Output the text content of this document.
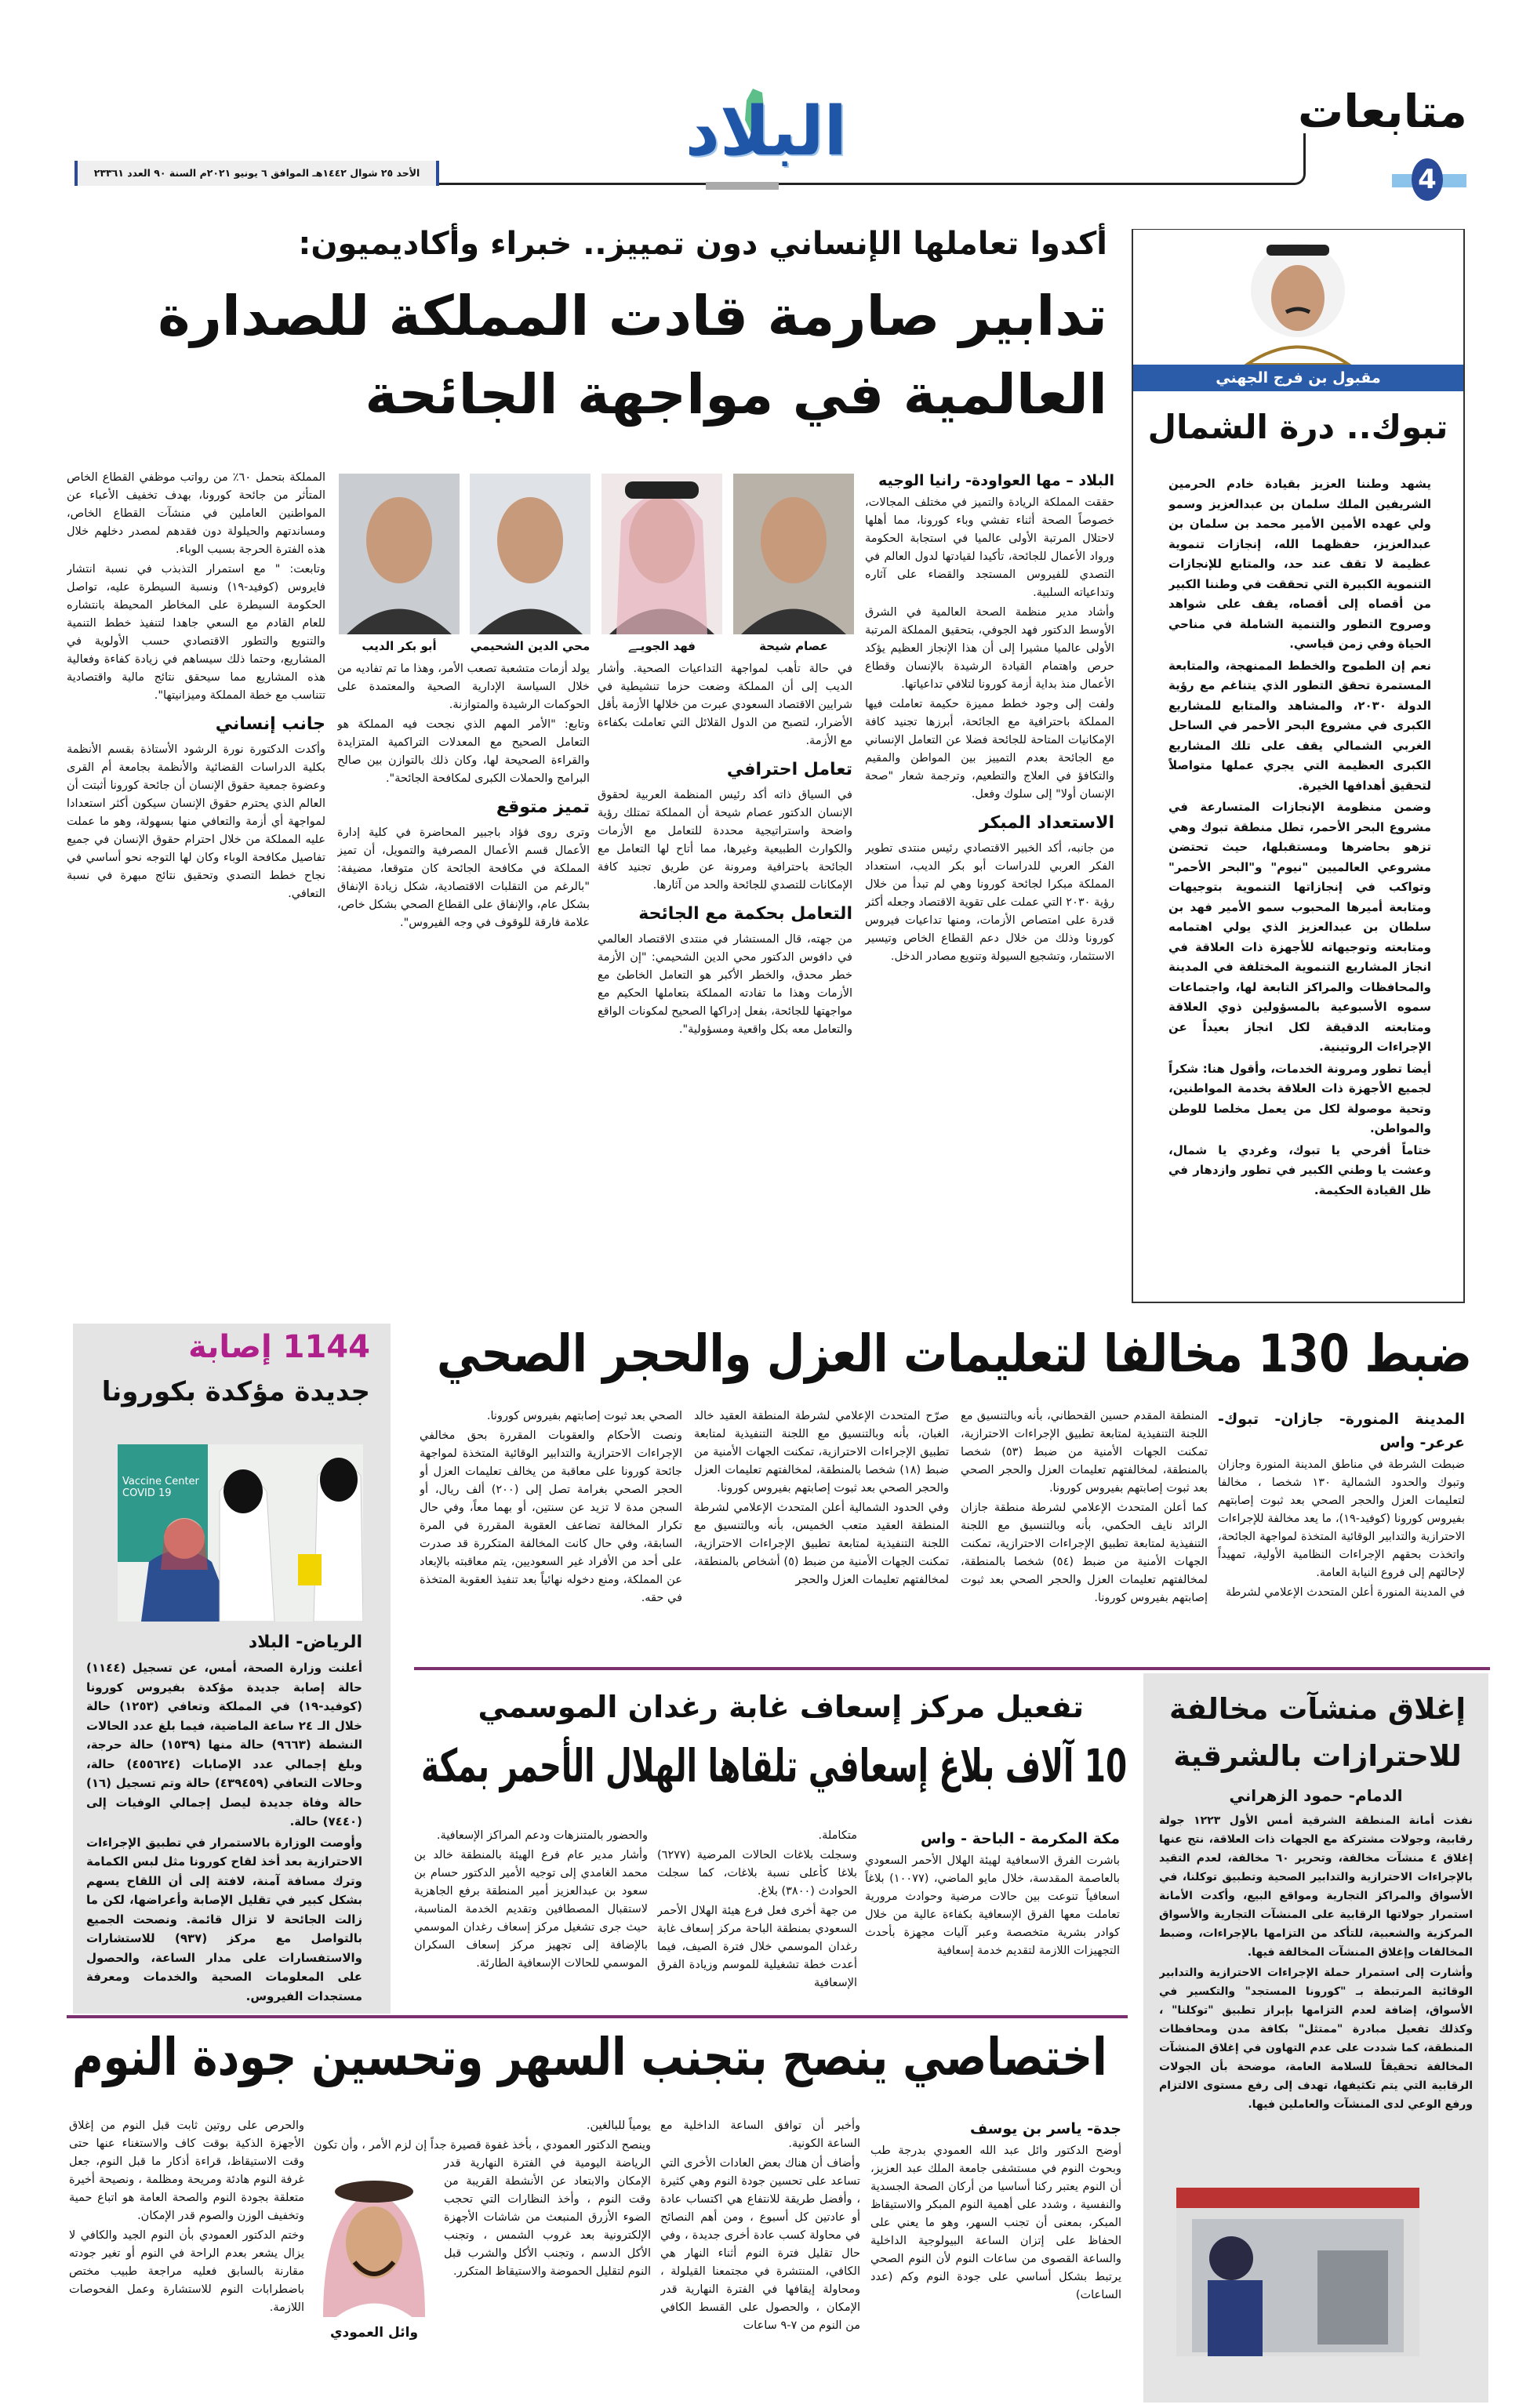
متابعات
4
البلاد
الأحد ٢٥ شوال ١٤٤٢هـ الموافق ٦ يونيو ٢٠٢١م السنة ٩٠ العدد ٢٣٣٦١
مقبول بن فرج الجهني
تبوك.. درة الشمال

يشهد وطننا العزيز بقيادة خادم الحرمين الشريفين الملك سلمان بن عبدالعزيز وسمو ولي عهده الأمين الأمير محمد بن سلمان بن عبدالعزيز، حفظهما الله، إنجازات تنموية عظيمة لا تقف عند حد، والمتابع للإنجازات التنموية الكبيرة التي تحققت في وطننا الكبير من أقصاه إلى أقصاه، يقف على شواهد وصروح التطور والتنمية الشاملة في مناحي الحياة وفي زمن قياسي.

نعم إن الطموح والخطط الممنهجة، والمتابعة المستمرة تحقق التطور الذي يتناغم مع رؤية الدولة ٢٠٣٠، والمشاهد والمتابع للمشاريع الكبرى في مشروع البحر الأحمر في الساحل الغربي الشمالي يقف على تلك المشاريع الكبرى العظيمة التي يجري عملها متواصلاً لتحقيق أهدافها الخيرة.

وضمن منظومة الإنجازات المتسارعة في مشروع البحر الأحمر، تطل منطقة تبوك وهي تزهو بحاضرها ومستقبلها، حيث تحتضن مشروعي العالميين "نيوم" و"البحر الأحمر" وتواكب في إنجازاتها التنموية بتوجيهات ومتابعة أميرها المحبوب سمو الأمير فهد بن سلطان بن عبدالعزيز الذي يولي اهتمامه ومتابعته وتوجيهاته للأجهزة ذات العلاقة في انجاز المشاريع التنموية المختلفة في المدينة والمحافظات والمراكز التابعة لها، واجتماعات سموه الأسبوعية بالمسؤولين ذوي العلاقة ومتابعته الدقيقة لكل انجاز بعيداً عن الإجراءات الروتينية.

أيضا تطور ومرونة الخدمات، وأقول هنا: شكراً لجميع الأجهزة ذات العلاقة بخدمة المواطنين، وتحية موصولة لكل من يعمل مخلصا للوطن والمواطن.

ختاماً أفرحي يا تبوك، وغردي يا شمال، وعشت يا وطني الكبير في تطور وازدهار في ظل القيادة الحكيمة.

أكدوا تعاملها الإنساني دون تمييز.. خبراء وأكاديميون:
تدابير صارمة قادت المملكة للصدارة
العالمية في مواجهة الجائحة
عصام شيحة
فهد الجويـﮯ
محي الدين الشحيمي
أبو بكر الديب

البلاد – مها العواودة- رانيا الوجيه

حققت المملكة الريادة والتميز في مختلف المجالات، خصوصاً الصحة أثناء تفشي وباء كورونا، مما أهلها لاحتلال المرتبة الأولى عالميا في استجابة الحكومة ورواد الأعمال للجائحة، تأكيدا لقيادتها لدول العالم في التصدي للفيروس المستجد والقضاء على آثاره وتداعياته السلبية.

وأشاد مدير منظمة الصحة العالمية في الشرق الأوسط الدكتور فهد الجوفي، بتحقيق المملكة المرتبة الأولى عالميا مشيرا إلى أن هذا الإنجاز العظيم يؤكد حرص واهتمام القيادة الرشيدة بالإنسان وقطاع الأعمال منذ بداية أزمة كورونا لتلافي تداعياتها.

ولفت إلى وجود خطط مميزة حكيمة تعاملت فيها المملكة باحترافية مع الجائحة، أبرزها تجنيد كافة الإمكانيات المتاحة للجائحة فضلا عن التعامل الإنساني مع الجائحة بعدم التمييز بين المواطن والمقيم والتكافؤ في العلاج والتطعيم، وترجمة شعار "صحة الإنسان أولا" إلى سلوك وفعل.

الاستعداد المبكر

من جانبه، أكد الخبير الاقتصادي رئيس منتدى تطوير الفكر العربي للدراسات أبو بكر الديب، استعداد المملكة مبكرا لجائحة كورونا وهي لم تبدأ من خلال رؤية ٢٠٣٠ التي عملت على تقوية الاقتصاد وجعله أكثر قدرة على امتصاص الأزمات، ومنها تداعيات فيروس كورونا وذلك من خلال دعم القطاع الخاص وتيسير الاستثمار، وتشجيع السيولة وتنويع مصادر الدخل.

في حالة تأهب لمواجهة التداعيات الصحية. وأشار الديب إلى أن المملكة وضعت حزما تنشيطية في شرايين الاقتصاد السعودي عبرت من خلالها الأزمة بأقل الأضرار، لتصبح من الدول القلائل التي تعاملت بكفاءة مع الأزمة.

تعامل احترافي

في السياق ذاته أكد رئيس المنظمة العربية لحقوق الإنسان الدكتور عصام شيحة أن المملكة تمتلك رؤية واضحة واستراتيجية محددة للتعامل مع الأزمات والكوارث الطبيعية وغيرها، مما أتاح لها التعامل مع الجائحة باحترافية ومرونة عن طريق تجنيد كافة الإمكانات للتصدي للجائحة والحد من آثارها.

التعامل بحكمة مع الجائحة

من جهته، قال المستشار في منتدى الاقتصاد العالمي في دافوس الدكتور محي الدين الشحيمي: "إن الأزمة خطر محدق، والخطر الأكبر هو التعامل الخاطئ مع الأزمات وهذا ما تفادته المملكة بتعاملها الحكيم مع مواجهتها للجائحة، بفعل إدراكها الصحيح لمكونات الواقع والتعامل معه بكل واقعية ومسؤولية".

يولد أزمات متشعبة تصعب الأمر، وهذا ما تم تفاديه من خلال السياسة الإدارية الصحية والمعتمدة على الحوكمات الرشيدة والمتوازنة.

وتابع: "الأمر المهم الذي نجحت فيه المملكة هو التعامل الصحيح مع المعدلات التراكمية المتزايدة والقراءة الصحيحة لها، وكان ذلك بالتوازن بين صالح البرامج والحملات الكبرى لمكافحة الجائحة".

تميز متوقع

وترى روى فؤاد باجبير المحاضرة في كلية إدارة الأعمال قسم الأعمال المصرفية والتمويل، أن تميز المملكة في مكافحة الجائحة كان متوقعا، مضيفة: "بالرغم من التقلبات الاقتصادية، شكل زيادة الإنفاق بشكل عام، والإنفاق على القطاع الصحي بشكل خاص، علامة فارقة للوقوف في وجه الفيروس".

المملكة بتحمل ٦٠٪ من رواتب موظفي القطاع الخاص المتأثر من جائحة كورونا، بهدف تخفيف الأعباء عن المواطنين العاملين في منشآت القطاع الخاص، ومساندتهم والحيلولة دون فقدهم لمصدر دخلهم خلال هذه الفترة الحرجة بسبب الوباء.

وتابعت: " مع استمرار التذبذب في نسبة انتشار فايروس (كوفيد-١٩) ونسبة السيطرة عليه، تواصل الحكومة السيطرة على المخاطر المحيطة بانتشاره للعام القادم مع السعي جاهدا لتنفيذ خطط التنمية والتنويع والتطور الاقتصادي حسب الأولوية في المشاريع، وحتما ذلك سيساهم في زيادة كفاءة وفعالية هذه المشاريع مما سيحقق نتائج مالية واقتصادية تتناسب مع خطة المملكة وميزانيتها".

جانب إنساني

وأكدت الدكتورة نورة الرشود الأستاذة بقسم الأنظمة بكلية الدراسات القضائية والأنظمة بجامعة أم القرى وعضوة جمعية حقوق الإنسان أن جائحة كورونا أثبتت أن العالم الذي يحترم حقوق الإنسان سيكون أكثر استعدادا لمواجهة أي أزمة والتعافي منها بسهولة، وهو ما عملت عليه المملكة من خلال احترام حقوق الإنسان في جميع تفاصيل مكافحة الوباء وكان لها التوجه نحو أساسي في نجاح خطط التصدي وتحقيق نتائج مبهرة في نسبة التعافي.

1144 إصابة
جديدة مؤكدة بكورونا
Vaccine Center COVID 19
الرياض- البلاد

أعلنت وزارة الصحة، أمس، عن تسجيل (١١٤٤) حالة إصابة جديدة مؤكدة بفيروس كورونا (كوفيد-١٩) في المملكة وتعافي (١٢٥٣) حالة خلال الـ ٢٤ ساعة الماضية، فيما بلغ عدد الحالات النشطة (٩٦٦٣) حالة منها (١٥٣٩) حالة حرجة، وبلغ إجمالي عدد الإصابات (٤٥٥٦٢٤) حالة، وحالات التعافي (٤٣٩٤٥٩) حالة وتم تسجيل (١٦) حالة وفاة جديدة ليصل إجمالي الوفيات إلى (٧٤٤٠) حالة.

وأوصت الوزارة بالاستمرار في تطبيق الإجراءات الاحترازية بعد أخذ لقاح كورونا مثل لبس الكمامة وترك مسافة آمنة، لافتة إلى أن اللقاح يسهم بشكل كبير في تقليل الإصابة وأعراضها، لكن ما زالت الجائحة لا تزال قائمة. ونصحت الجميع بالتواصل مع مركز (٩٣٧) للاستشارات والاستفسارات على مدار الساعة، والحصول على المعلومات الصحية والخدمات ومعرفة مستجدات الفيروس.

ضبط 130 مخالفا لتعليمات العزل والحجر الصحي

المدينة المنورة- جازان- تبوك- عرعر- واس

ضبطت الشرطة في مناطق المدينة المنورة وجازان وتبوك والحدود الشمالية ١٣٠ شخصا ، مخالفا لتعليمات العزل والحجر الصحي بعد ثبوت إصابتهم بفيروس كورونا (كوفيد-١٩)، ما يعد مخالفة للإجراءات الاحترازية والتدابير الوقائية المتخذة لمواجهة الجائحة، واتخذت بحقهم الإجراءات النظامية الأولية، تمهيداً لإحالتهم إلى فروع النيابة العامة.

في المدينة المنورة أعلن المتحدث الإعلامي لشرطة

المنطقة المقدم حسين القحطاني، بأنه وبالتنسيق مع اللجنة التنفيذية لمتابعة تطبيق الإجراءات الاحترازية، تمكنت الجهات الأمنية من ضبط (٥٣) شخصا بالمنطقة، لمخالفتهم تعليمات العزل والحجر الصحي بعد ثبوت إصابتهم بفيروس كورونا.

كما أعلن المتحدث الإعلامي لشرطة منطقة جازان الرائد نايف الحكمي، بأنه وبالتنسيق مع اللجنة التنفيذية لمتابعة تطبيق الإجراءات الاحترازية، تمكنت الجهات الأمنية من ضبط (٥٤) شخصا بالمنطقة، لمخالفتهم تعليمات العزل والحجر الصحي بعد ثبوت إصابتهم بفيروس كورونا.

صرّح المتحدث الإعلامي لشرطة المنطقة العقيد خالد الغبان، بأنه وبالتنسيق مع اللجنة التنفيذية لمتابعة تطبيق الإجراءات الاحترازية، تمكنت الجهات الأمنية من ضبط (١٨) شخصا بالمنطقة، لمخالفتهم تعليمات العزل والحجر الصحي بعد ثبوت إصابتهم بفيروس كورونا.

وفي الحدود الشمالية أعلن المتحدث الإعلامي لشرطة المنطقة العقيد متعب الخميس، بأنه وبالتنسيق مع اللجنة التنفيذية لمتابعة تطبيق الإجراءات الاحترازية، تمكنت الجهات الأمنية من ضبط (٥) أشخاص بالمنطقة، لمخالفتهم تعليمات العزل والحجر

الصحي بعد ثبوت إصابتهم بفيروس كورونا.

ونصت الأحكام والعقوبات المقررة بحق مخالفي الإجراءات الاحترازية والتدابير الوقائية المتخذة لمواجهة جائحة كورونا على معاقبة من يخالف تعليمات العزل أو الحجر الصحي بغرامة تصل إلى (٢٠٠) ألف ريال، أو السجن مدة لا تزيد عن سنتين، أو بهما معاً، وفي حال تكرار المخالفة تضاعف العقوبة المقررة في المرة السابقة، وفي حال كانت المخالفة المتكررة قد صدرت على أحد من الأفراد غير السعوديين، يتم معاقبته بالإبعاد عن المملكة، ومنع دخوله نهائياً بعد تنفيذ العقوبة المتخذة في حقه.

إغلاق منشآت مخالفة للاحترازات بالشرقية
الدمام- حمود الزهراني

نفذت أمانة المنطقة الشرقية أمس الأول ١٢٢٣ جولة رقابية، وجولات مشتركة مع الجهات ذات العلاقة، نتج عنها إغلاق ٤ منشآت مخالفة، وتحرير ٦٠ مخالفة، لعدم التقيد بالإجراءات الاحترازية والتدابير الصحية وتطبيق توكلنا، في الأسواق والمراكز التجارية ومواقع البيع، وأكدت الأمانة استمرار جولاتها الرقابية على المنشآت التجارية والأسواق المركزية والشعبية، للتأكد من التزامها بالإجراءات، وضبط المخالفات وإغلاق المنشآت المخالفة فيها.

وأشارت إلى استمرار حملة الإجراءات الاحترازية والتدابير الوقائية المرتبطة بـ "كورونا المستجد" والتكسير في الأسواق، إضافة لعدم التزامها بإبراز تطبيق "توكلنا" ، وكذلك تفعيل مبادرة "ممتثل" بكافة مدن ومحافظات المنطقة، كما شددت على عدم التهاون في إغلاق المنشآت المخالفة تحقيقاً للسلامة العامة، موضحة بأن الجولات الرقابية التي يتم تكثيفها، تهدف إلى رفع مستوى الالتزام ورفع الوعي لدى المنشآت والعاملين فيها.

تفعيل مركز إسعاف غابة رغدان الموسمي
10 آلاف بلاغ إسعافي تلقاها الهلال الأحمر بمكة

مكة المكرمة - الباحة - واس

باشرت الفرق الاسعافية لهيئة الهلال الأحمر السعودي بالعاصمة المقدسة، خلال مايو الماضي، (١٠٠٧٧) بلاغاً اسعافياً تنوعت بين حالات مرضية وحوادث مرورية تعاملت معها الفرق الإسعافية بكفاءة عالية من خلال كوادر بشرية متخصصة وعبر آليات مجهزة بأحدث التجهيزات اللازمة لتقديم خدمة إسعافية

متكاملة.

وسجلت بلاغات الحالات المرضية (٦٢٧٧) بلاغا كأعلى نسبة بلاغات، كما سجلت الحوادث (٣٨٠٠) بلاغ.

من جهة أخرى فعل فرع هيئة الهلال الأحمر السعودي بمنطقة الباحة مركز إسعاف غابة رغدان الموسمي خلال فترة الصيف، فيما أعدت خطة تشغيلية للموسم وزيادة الفرق الإسعافية

والحضور بالمتنزهات ودعم المراكز الإسعافية.

وأشار مدير عام فرع الهيئة بالمنطقة خالد بن محمد الغامدي إلى توجيه الأمير الدكتور حسام بن سعود بن عبدالعزيز أمير المنطقة برفع الجاهزية لاستقبال المصطافين وتقديم الخدمة المناسبة، حيث جرى تشغيل مركز إسعاف رغدان الموسمي بالإضافة إلى تجهيز مركز إسعاف السكران الموسمي للحالات الإسعافية الطارئة.

اختصاصي ينصح بتجنب السهر وتحسين جودة النوم

جدة- ياسر بن يوسف

أوضح الدكتور وائل عبد الله العمودي بدرجة طب وبحوث النوم في مستشفى جامعة الملك عبد العزيز، أن النوم يعتبر ركنا أساسيا من أركان الصحة الجسدية والنفسية ، وشدد على أهمية النوم المبكر والاستيقاظ المبكر، بمعنى أن تجنب السهر، وهو ما يعني على الحفاظ على إتزان الساعة البيولوجية الداخلية والساعة القصوى من ساعات النوم لأن النوم الصحي يرتبط بشكل أساسي على جودة النوم وكم (عدد الساعات)

وأخبر أن توافق الساعة الداخلية مع الساعة الكونية.

وأضاف أن هناك بعض العادات الأخرى التي تساعد على تحسين جودة النوم وهي كثيرة ، وأفضل طريقة للانتفاع هي اكتساب عادة أو عادتين كل أسبوع ، ومن أهم النصائح في محاولة كسب عادة أخرى جديدة ، وفي حال تقليل فترة النوم أثناء النهار هي الكافي، المنتشرة في مجتمعنا القيلولة ، ومحاولة إيقافها في الفترة النهارية قدر الإمكان ، والحصول على القسط الكافي من النوم من ٧-٩ ساعات

يومياً للبالغين.

وينصح الدكتور العمودي ، بأخذ غفوة قصيرة جداً إن لزم الأمر ، وأن تكون الرياضة اليومية في الفترة النهارية قدر الإمكان والابتعاد عن الأنشطة القريبة من وقت النوم ، وأخذ النظارات التي تحجب الضوء الأزرق المنبعث من شاشات الأجهزة الإلكترونية بعد غروب الشمس ، وتجنب الأكل الدسم ، وتجنب الأكل والشرب قبل النوم لتقليل الحموضة والاستيقاظ المتكرر.

والحرص على روتين ثابت قبل النوم من إغلاق الأجهزة الذكية بوقت كاف والاستغناء عنها حتى وقت الاستيقاظ، قراءة أذكار ما قبل النوم، جعل غرفة النوم هادئة ومريحة ومظلمة ، ونصيحة أخيرة متعلقة بجودة النوم والصحة العامة هو اتباع حمية وتخفيف الوزن والصوم قدر الإمكان.

وختم الدكتور العمودي بأن النوم الجيد والكافي لا يزال يشعر بعدم الراحة في النوم أو تغير جودته مقارنة بالسابق فعليه مراجعة طبيب مختص باضطرابات النوم للاستشارة وعمل الفحوصات اللازمة.

وائل العمودي
